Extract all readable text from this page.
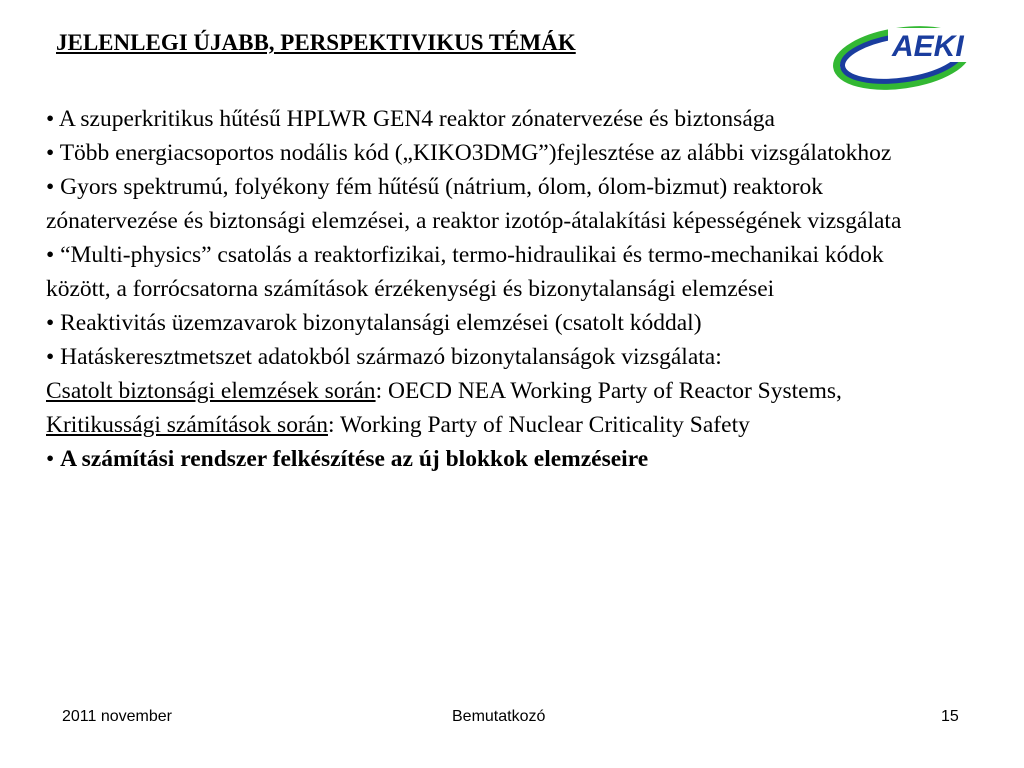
JELENLEGI ÚJABB, PERSPEKTIVIKUS TÉMÁK	AEKI

• A szuperkritikus hűtésű HPLWR GEN4 reaktor zónatervezése és biztonsága

• Több energiacsoportos nodális kód („KIKO3DMG”)fejlesztése az alábbi vizsgálatokhoz

• Gyors spektrumú, folyékony fém hűtésű (nátrium, ólom, ólom-bizmut) reaktorok zónatervezése és biztonsági elemzései, a reaktor izotóp-átalakítási képességének vizsgálata

• “Multi-physics” csatolás a reaktorfizikai, termo-hidraulikai és termo-mechanikai kódok között, a forrócsatorna számítások érzékenységi és bizonytalansági elemzései

• Reaktivitás üzemzavarok bizonytalansági elemzései (csatolt kóddal)

• Hatáskeresztmetszet adatokból származó bizonytalanságok vizsgálata:

Csatolt biztonsági elemzések során: OECD NEA Working Party of Reactor Systems,

Kritikussági számítások során: Working Party of Nuclear Criticality Safety

• A számítási rendszer felkészítése az új blokkok elemzéseire

2011 november	Bemutatkozó	15
